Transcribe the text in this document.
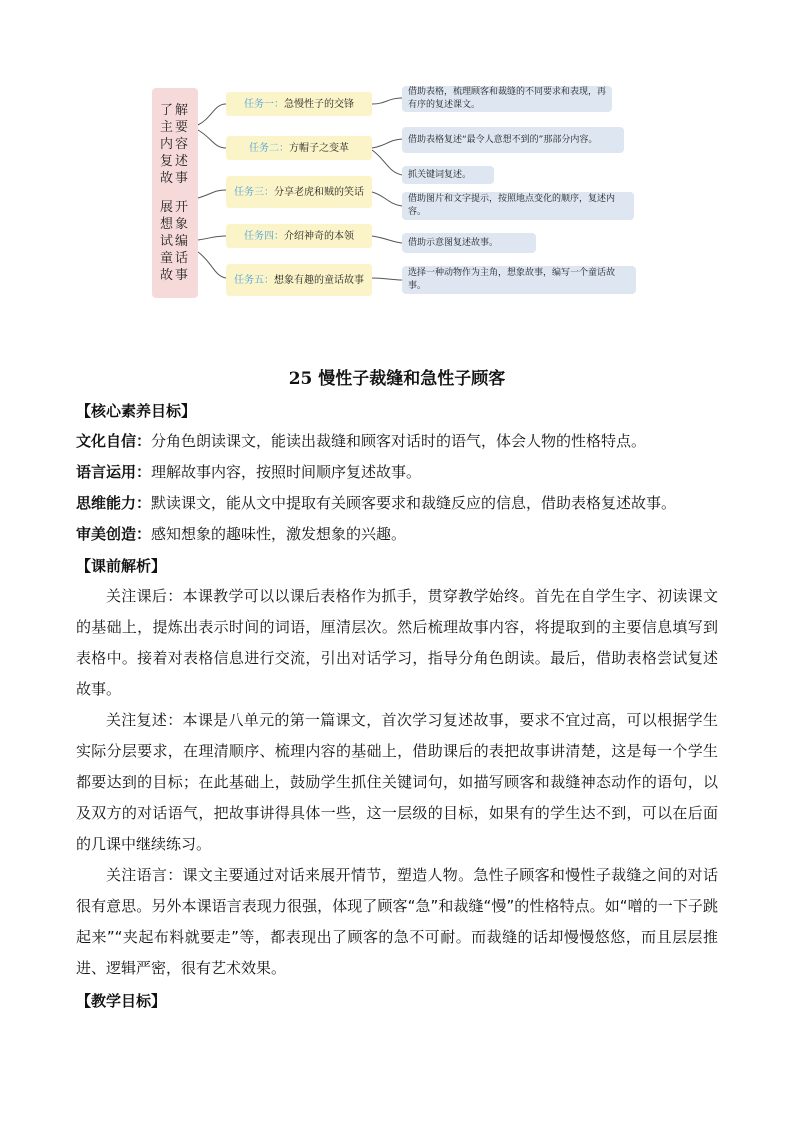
了解主要内容复述故事
展开想象试编童话故事
任务一： 急慢性子的交锋
任务二： 方帽子之变革
任务三： 分享老虎和贼的笑话
任务四： 介绍神奇的本领
任务五： 想象有趣的童话故事
借助表格，梳理顾客和裁缝的不同要求和表现，再有序的复述课文。
借助表格复述“最令人意想不到的”那部分内容。
抓关键词复述。
借助图片和文字提示，按照地点变化的顺序，复述内容。
借助示意图复述故事。
选择一种动物作为主角，想象故事，编写一个童话故事。
25 慢性子裁缝和急性子顾客
【核心素养目标】
文化自信：分角色朗读课文，能读出裁缝和顾客对话时的语气，体会人物的性格特点。
语言运用：理解故事内容，按照时间顺序复述故事。
思维能力：默读课文，能从文中提取有关顾客要求和裁缝反应的信息，借助表格复述故事。
审美创造：感知想象的趣味性，激发想象的兴趣。
【课前解析】
关注课后：本课教学可以以课后表格作为抓手，贯穿教学始终。首先在自学生字、初读课文的基础上，提炼出表示时间的词语，厘清层次。然后梳理故事内容，将提取到的主要信息填写到表格中。接着对表格信息进行交流，引出对话学习，指导分角色朗读。最后，借助表格尝试复述故事。
关注复述：本课是八单元的第一篇课文，首次学习复述故事，要求不宜过高，可以根据学生实际分层要求，在理清顺序、梳理内容的基础上，借助课后的表把故事讲清楚，这是每一个学生都要达到的目标；在此基础上，鼓励学生抓住关键词句，如描写顾客和裁缝神态动作的语句，以及双方的对话语气，把故事讲得具体一些，这一层级的目标，如果有的学生达不到，可以在后面的几课中继续练习。
关注语言：课文主要通过对话来展开情节，塑造人物。急性子顾客和慢性子裁缝之间的对话很有意思。另外本课语言表现力很强，体现了顾客“急”和裁缝“慢”的性格特点。如“噌的一下子跳起来”“夹起布料就要走”等，都表现出了顾客的急不可耐。而裁缝的话却慢慢悠悠，而且层层推进、逻辑严密，很有艺术效果。
【教学目标】
